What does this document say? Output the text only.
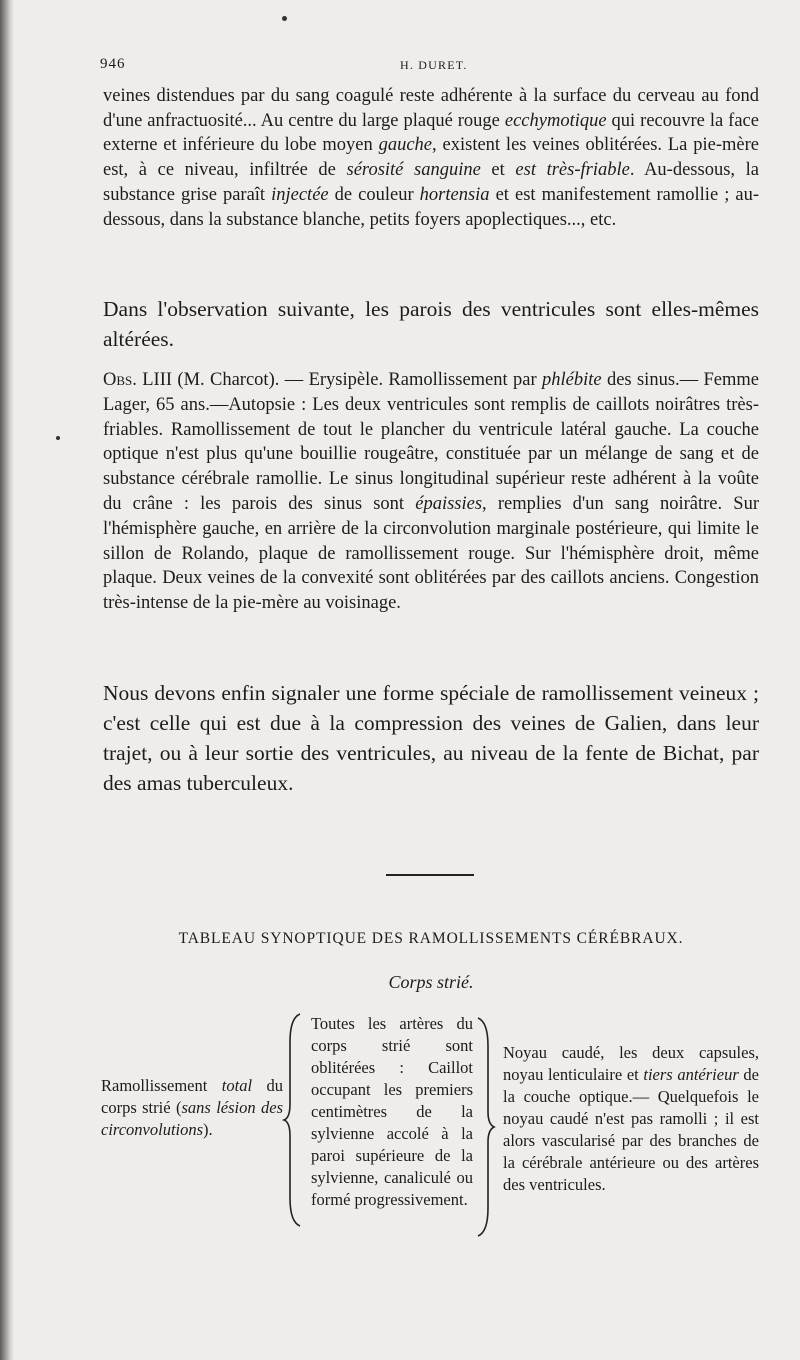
946	H. DURET.
veines distendues par du sang coagulé reste adhérente à la surface du cerveau au fond d'une anfractuosité... Au centre du large plaqué rouge ecchymotique qui recouvre la face externe et inférieure du lobe moyen gauche, existent les veines oblitérées. La pie-mère est, à ce niveau, infiltrée de sérosité sanguine et est très-friable. Au-dessous, la substance grise paraît injectée de couleur hortensia et est manifestement ramollie ; au-dessous, dans la substance blanche, petits foyers apoplectiques..., etc.
Dans l'observation suivante, les parois des ventricules sont elles-mêmes altérées.
Obs. LIII (M. Charcot). — Erysipèle. Ramollissement par phlébite des sinus.— Femme Lager, 65 ans.—Autopsie : Les deux ventricules sont remplis de caillots noirâtres très-friables. Ramollissement de tout le plancher du ventricule latéral gauche. La couche optique n'est plus qu'une bouillie rougeâtre, constituée par un mélange de sang et de substance cérébrale ramollie. Le sinus longitudinal supérieur reste adhérent à la voûte du crâne : les parois des sinus sont épaissies, remplies d'un sang noirâtre. Sur l'hémisphère gauche, en arrière de la circonvolution marginale postérieure, qui limite le sillon de Rolando, plaque de ramollissement rouge. Sur l'hémisphère droit, même plaque. Deux veines de la convexité sont oblitérées par des caillots anciens. Congestion très-intense de la pie-mère au voisinage.
Nous devons enfin signaler une forme spéciale de ramollissement veineux ; c'est celle qui est due à la compression des veines de Galien, dans leur trajet, ou à leur sortie des ventricules, au niveau de la fente de Bichat, par des amas tuberculeux.
TABLEAU SYNOPTIQUE DES RAMOLLISSEMENTS CÉRÉBRAUX.
Corps strié.
Ramollissement total du corps strié (sans lésion des circonvolutions).
Toutes les artères du corps strié sont oblitérées : Caillot occupant les premiers centimètres de la sylvienne accolé à la paroi supérieure de la sylvienne, canaliculé ou formé progressivement.
Noyau caudé, les deux capsules, noyau lenticulaire et tiers antérieur de la couche optique.— Quelquefois le noyau caudé n'est pas ramolli ; il est alors vascularisé par des branches de la cérébrale antérieure ou des artères des ventricules.
